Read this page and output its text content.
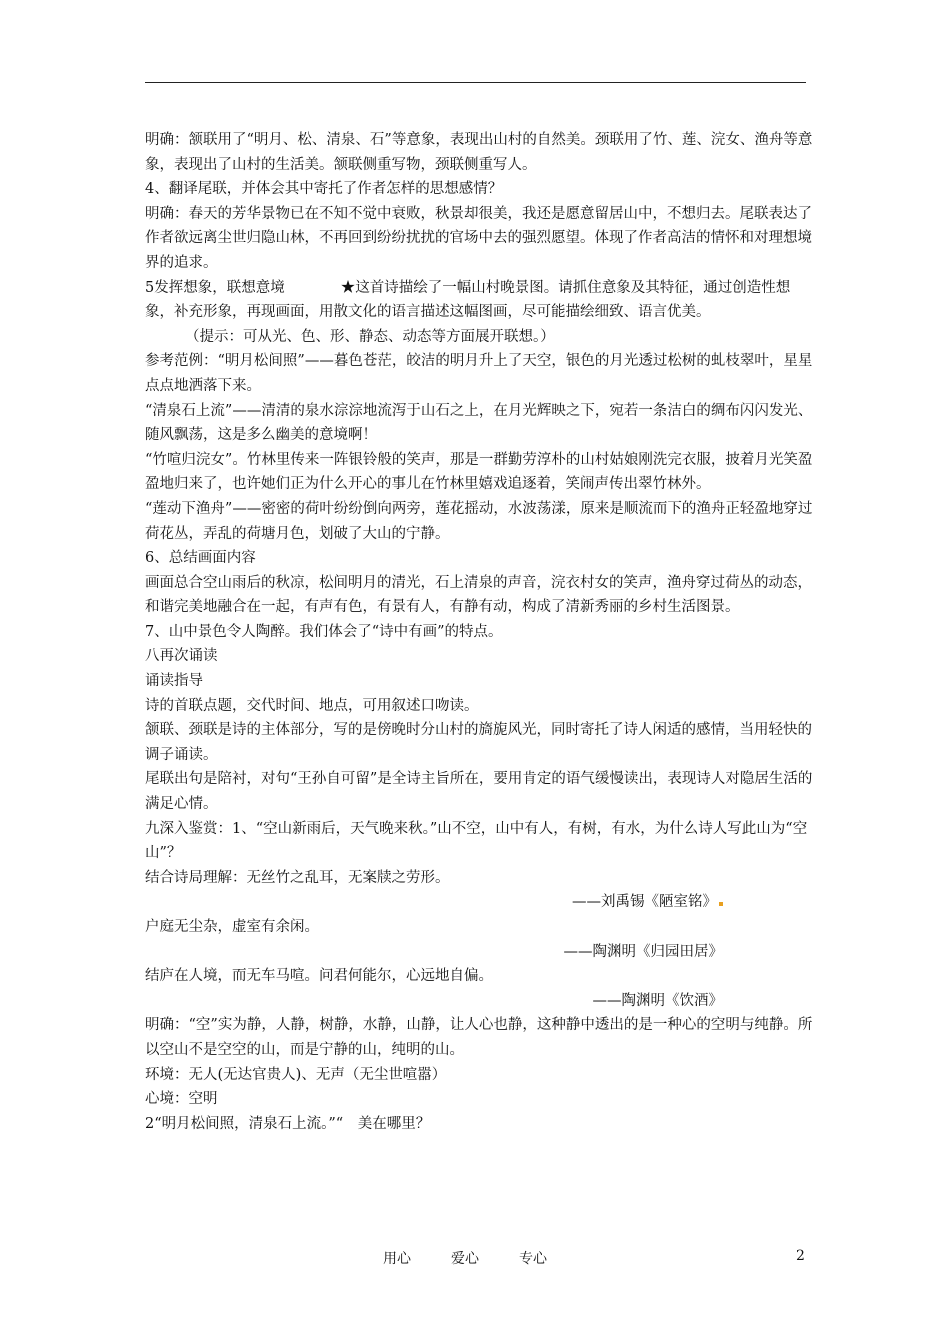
明确：颔联用了“明月、松、清泉、石”等意象，表现出山村的自然美。颈联用了竹、莲、浣女、渔舟等意象，表现出了山村的生活美。颔联侧重写物，颈联侧重写人。

4、翻译尾联，并体会其中寄托了作者怎样的思想感情？

明确：春天的芳华景物已在不知不觉中衰败，秋景却很美，我还是愿意留居山中，不想归去。尾联表达了作者欲远离尘世归隐山林，不再回到纷纷扰扰的官场中去的强烈愿望。体现了作者高洁的情怀和对理想境界的追求。

5发挥想象，联想意境	★这首诗描绘了一幅山村晚景图。请抓住意象及其特征，通过创造性想象，补充形象，再现画面，用散文化的语言描述这幅图画，尽可能描绘细致、语言优美。

（提示：可从光、色、形、静态、动态等方面展开联想。）

参考范例：“明月松间照”——暮色苍茫，皎洁的明月升上了天空，银色的月光透过松树的虬枝翠叶，星星点点地洒落下来。

“清泉石上流”——清清的泉水淙淙地流泻于山石之上，在月光辉映之下，宛若一条洁白的绸布闪闪发光、随风飘荡，这是多么幽美的意境啊！

“竹喧归浣女”。竹林里传来一阵银铃般的笑声，那是一群勤劳淳朴的山村姑娘刚洗完衣服，披着月光笑盈盈地归来了，也许她们正为什么开心的事儿在竹林里嬉戏追逐着，笑闹声传出翠竹林外。

“莲动下渔舟”——密密的荷叶纷纷倒向两旁，莲花摇动，水波荡漾，原来是顺流而下的渔舟正轻盈地穿过荷花丛，弄乱的荷塘月色，划破了大山的宁静。

6、总结画面内容

画面总合空山雨后的秋凉，松间明月的清光，石上清泉的声音，浣衣村女的笑声，渔舟穿过荷丛的动态，和谐完美地融合在一起，有声有色，有景有人，有静有动，构成了清新秀丽的乡村生活图景。

7、山中景色令人陶醉。我们体会了“诗中有画”的特点。

八再次诵读

诵读指导

诗的首联点题，交代时间、地点，可用叙述口吻读。

颔联、颈联是诗的主体部分，写的是傍晚时分山村的旖旎风光，同时寄托了诗人闲适的感情，当用轻快的调子诵读。

尾联出句是陪衬，对句“王孙自可留”是全诗主旨所在，要用肯定的语气缓慢读出，表现诗人对隐居生活的满足心情。

九深入鉴赏：1、“空山新雨后，天气晚来秋。”山不空，山中有人，有树，有水，为什么诗人写此山为“空山”？

结合诗局理解：无丝竹之乱耳，无案牍之劳形。

——刘禹锡《陋室铭》

户庭无尘杂，虚室有余闲。

——陶渊明《归园田居》

结庐在人境，而无车马喧。问君何能尔，心远地自偏。

——陶渊明《饮酒》

明确：“空”实为静，人静，树静，水静，山静，让人心也静，这种静中透出的是一种心的空明与纯静。所以空山不是空空的山，而是宁静的山，纯明的山。

环境：无人(无达官贵人)、无声（无尘世喧嚣）

心境：空明

2“明月松间照，清泉石上流。”“　美在哪里？

用心	爱心	专心	2
